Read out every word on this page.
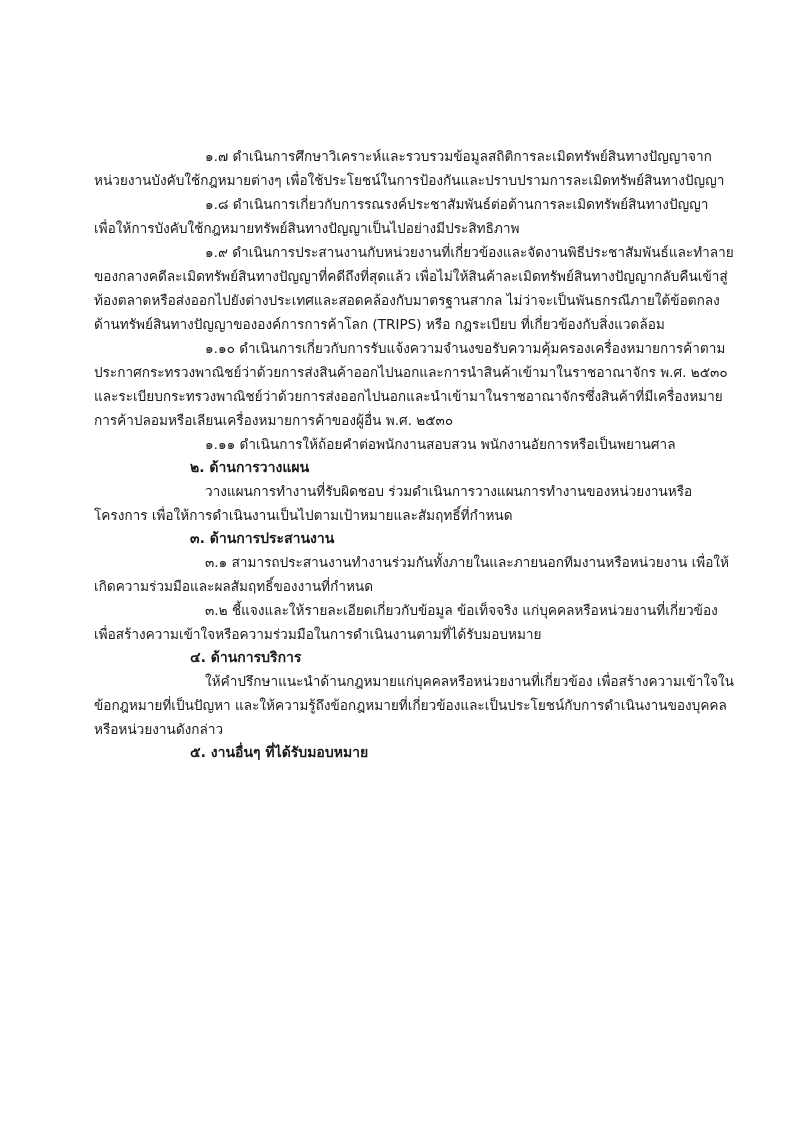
๑.๗ ดำเนินการศึกษาวิเคราะห์และรวบรวมข้อมูลสถิติการละเมิดทรัพย์สินทางปัญญาจาก
หน่วยงานบังคับใช้กฎหมายต่างๆ เพื่อใช้ประโยชน์ในการป้องกันและปราบปรามการละเมิดทรัพย์สินทางปัญญา
๑.๘ ดำเนินการเกี่ยวกับการรณรงค์ประชาสัมพันธ์ต่อต้านการละเมิดทรัพย์สินทางปัญญา
เพื่อให้การบังคับใช้กฎหมายทรัพย์สินทางปัญญาเป็นไปอย่างมีประสิทธิภาพ
๑.๙ ดำเนินการประสานงานกับหน่วยงานที่เกี่ยวข้องและจัดงานพิธีประชาสัมพันธ์และทำลาย
ของกลางคดีละเมิดทรัพย์สินทางปัญญาที่คดีถึงที่สุดแล้ว เพื่อไม่ให้สินค้าละเมิดทรัพย์สินทางปัญญากลับคืนเข้าสู่
ท้องตลาดหรือส่งออกไปยังต่างประเทศและสอดคล้องกับมาตรฐานสากล ไม่ว่าจะเป็นพันธกรณีภายใต้ข้อตกลง
ด้านทรัพย์สินทางปัญญาขององค์การการค้าโลก (TRIPS) หรือ กฎระเบียบ ที่เกี่ยวข้องกับสิ่งแวดล้อม
๑.๑๐ ดำเนินการเกี่ยวกับการรับแจ้งความจำนงขอรับความคุ้มครองเครื่องหมายการค้าตาม
ประกาศกระทรวงพาณิชย์ว่าด้วยการส่งสินค้าออกไปนอกและการนำสินค้าเข้ามาในราชอาณาจักร พ.ศ. ๒๕๓๐
และระเบียบกระทรวงพาณิชย์ว่าด้วยการส่งออกไปนอกและนำเข้ามาในราชอาณาจักรซึ่งสินค้าที่มีเครื่องหมาย
การค้าปลอมหรือเลียนเครื่องหมายการค้าของผู้อื่น พ.ศ. ๒๕๓๐
๑.๑๑ ดำเนินการให้ถ้อยคำต่อพนักงานสอบสวน พนักงานอัยการหรือเป็นพยานศาล
๒. ด้านการวางแผน
วางแผนการทำงานที่รับผิดชอบ ร่วมดำเนินการวางแผนการทำงานของหน่วยงานหรือ
โครงการ เพื่อให้การดำเนินงานเป็นไปตามเป้าหมายและสัมฤทธิ์ที่กำหนด
๓. ด้านการประสานงาน
๓.๑ สามารถประสานงานทำงานร่วมกันทั้งภายในและภายนอกทีมงานหรือหน่วยงาน เพื่อให้
เกิดความร่วมมือและผลสัมฤทธิ์ของงานที่กำหนด
๓.๒ ชี้แจงและให้รายละเอียดเกี่ยวกับข้อมูล ข้อเท็จจริง แก่บุคคลหรือหน่วยงานที่เกี่ยวข้อง
เพื่อสร้างความเข้าใจหรือความร่วมมือในการดำเนินงานตามที่ได้รับมอบหมาย
๔. ด้านการบริการ
ให้คำปรึกษาแนะนำด้านกฎหมายแก่บุคคลหรือหน่วยงานที่เกี่ยวข้อง เพื่อสร้างความเข้าใจใน
ข้อกฎหมายที่เป็นปัญหา และให้ความรู้ถึงข้อกฎหมายที่เกี่ยวข้องและเป็นประโยชน์กับการดำเนินงานของบุคคล
หรือหน่วยงานดังกล่าว
๕. งานอื่นๆ ที่ได้รับมอบหมาย
